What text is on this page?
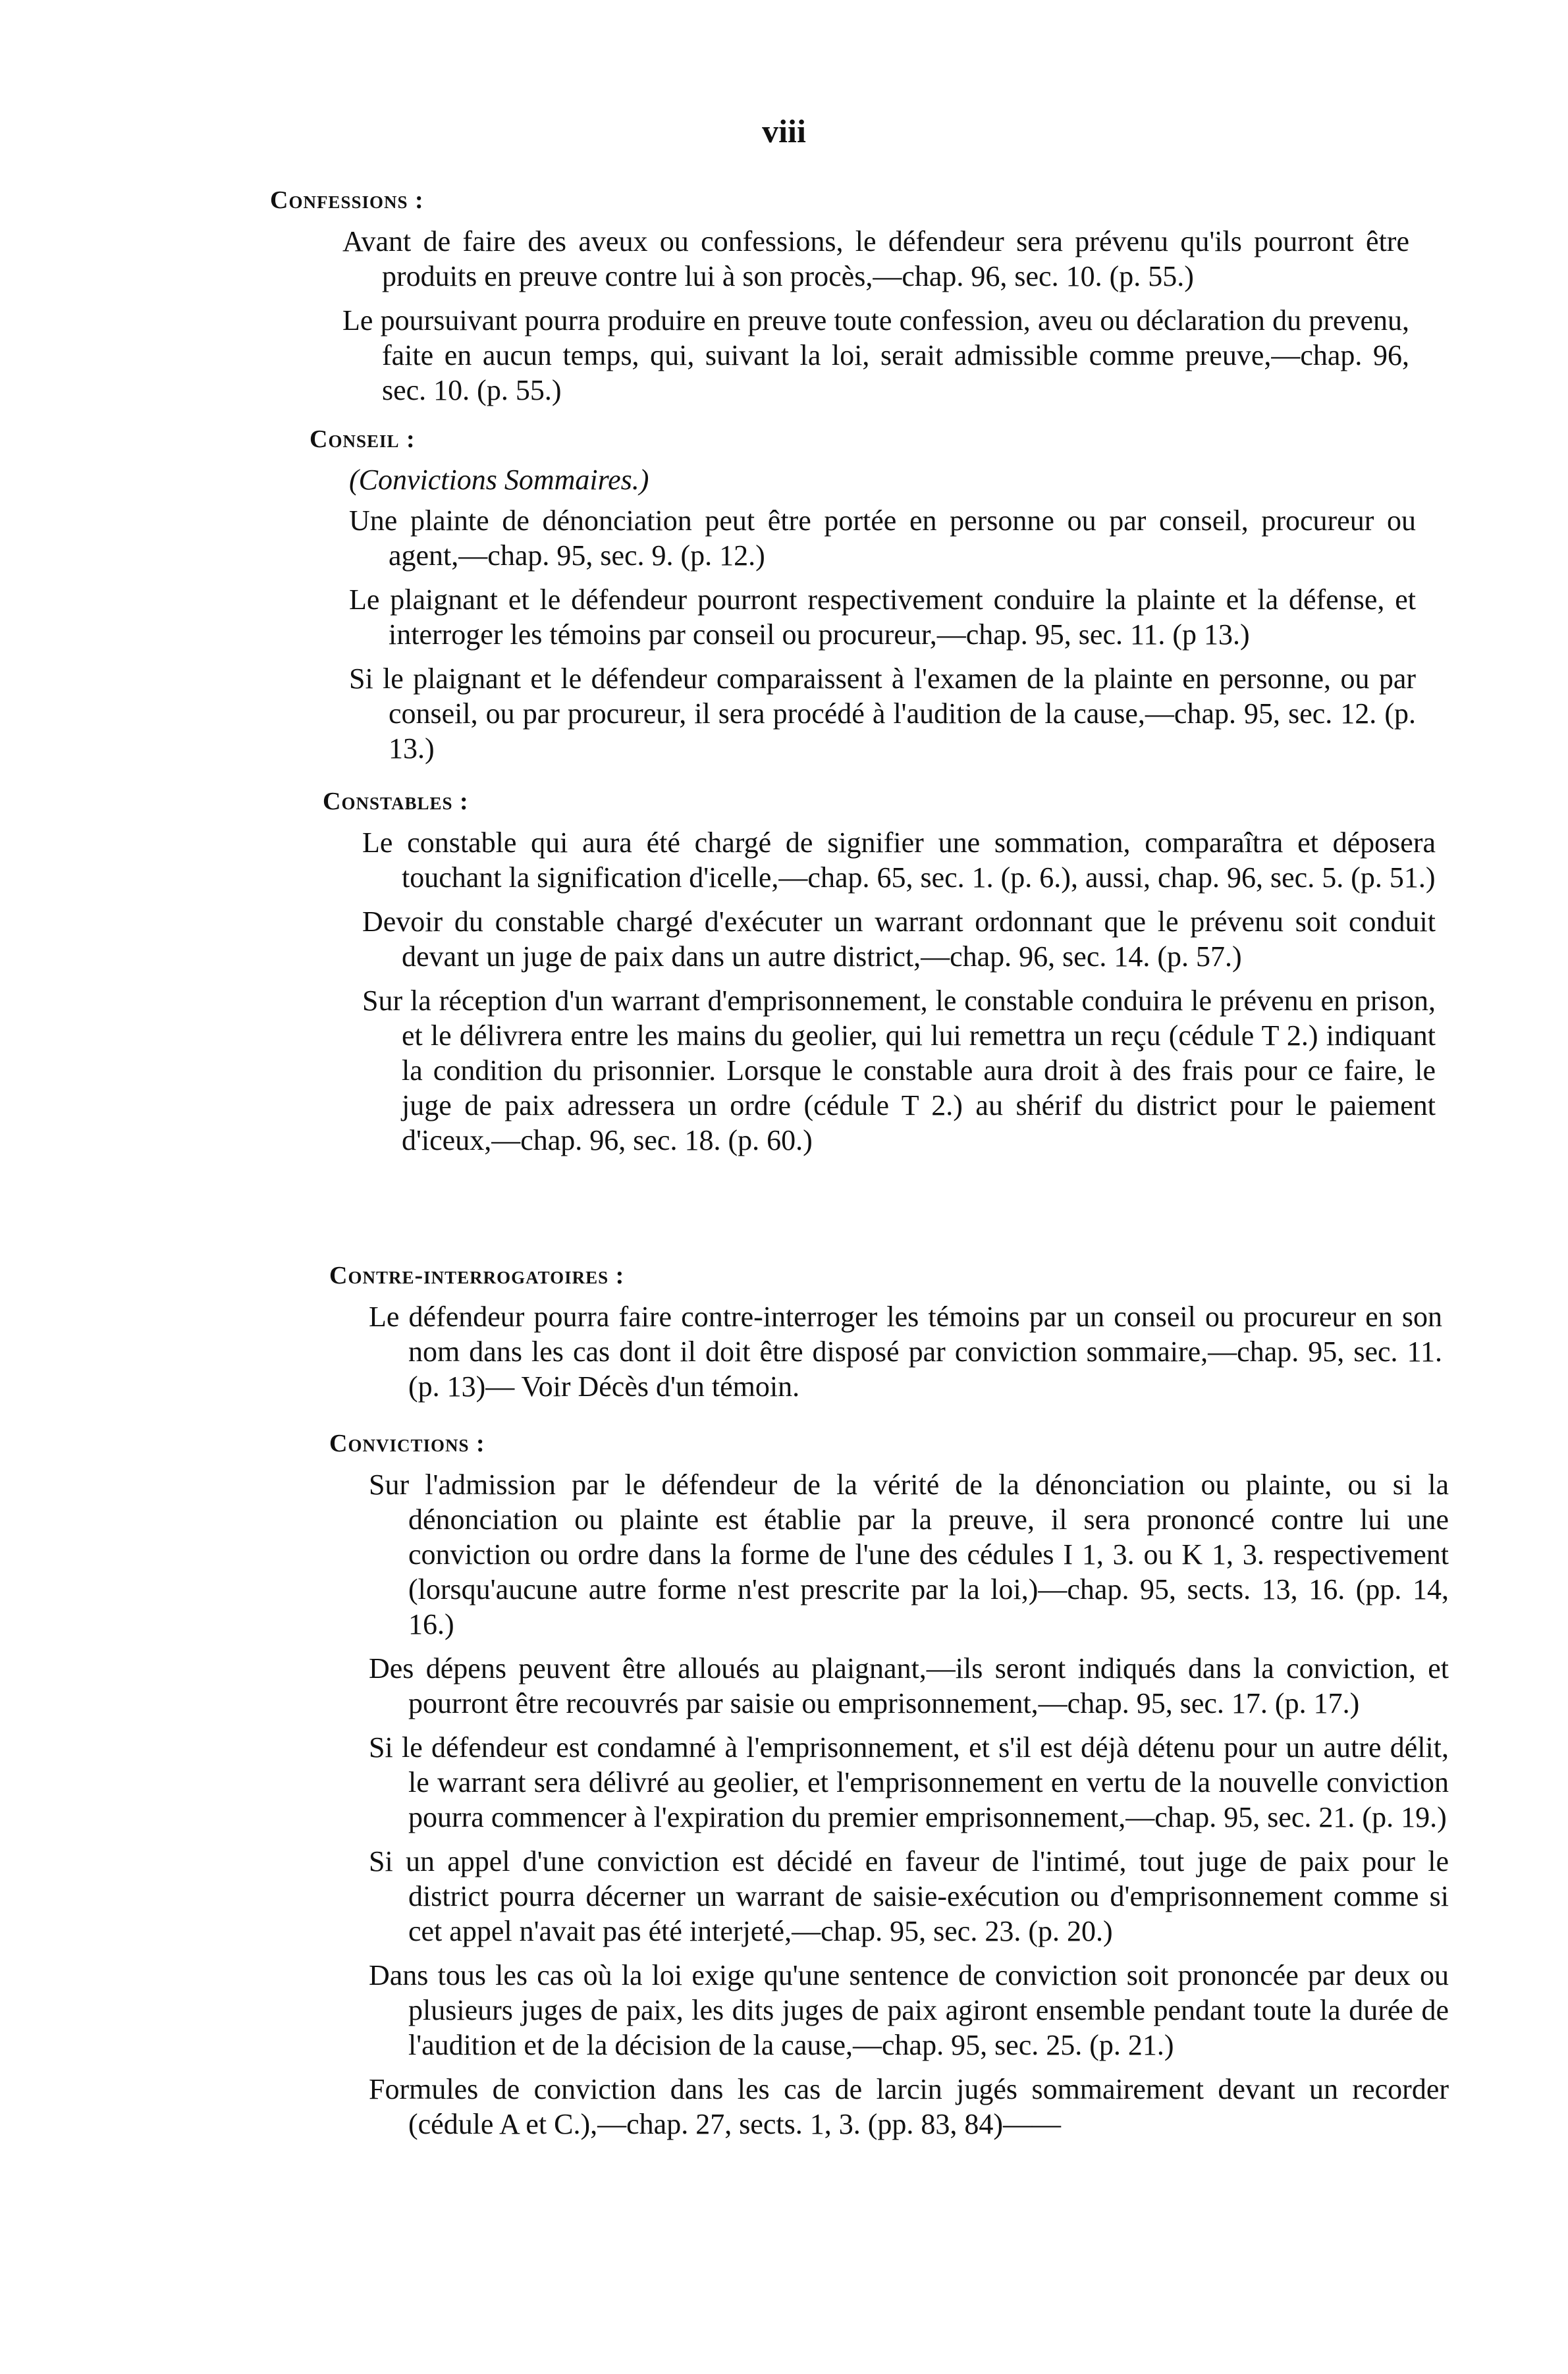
viii
Confessions :

Avant de faire des aveux ou confessions, le défendeur sera prévenu qu'ils pourront être produits en preuve contre lui à son procès,—chap. 96, sec. 10. (p. 55.)

Le poursuivant pourra produire en preuve toute confession, aveu ou déclaration du prevenu, faite en aucun temps, qui, suivant la loi, serait admissible comme preuve,—chap. 96, sec. 10. (p. 55.)

Conseil :
(Convictions Sommaires.)

Une plainte de dénonciation peut être portée en personne ou par conseil, procureur ou agent,—chap. 95, sec. 9. (p. 12.)

Le plaignant et le défendeur pourront respectivement conduire la plainte et la défense, et interroger les témoins par conseil ou procureur,—chap. 95, sec. 11. (p 13.)

Si le plaignant et le défendeur comparaissent à l'examen de la plainte en personne, ou par conseil, ou par procureur, il sera procédé à l'audition de la cause,—chap. 95, sec. 12. (p. 13.)

Constables :

Le constable qui aura été chargé de signifier une sommation, comparaîtra et déposera touchant la signification d'icelle,—chap. 65, sec. 1. (p. 6.), aussi, chap. 96, sec. 5. (p. 51.)

Devoir du constable chargé d'exécuter un warrant ordonnant que le prévenu soit conduit devant un juge de paix dans un autre district,—chap. 96, sec. 14. (p. 57.)

Sur la réception d'un warrant d'emprisonnement, le constable conduira le prévenu en prison, et le délivrera entre les mains du geolier, qui lui remettra un reçu (cédule T 2.) indiquant la condition du prisonnier. Lorsque le constable aura droit à des frais pour ce faire, le juge de paix adressera un ordre (cédule T 2.) au shérif du district pour le paiement d'iceux,—chap. 96, sec. 18. (p. 60.)

Contre-interrogatoires :

Le défendeur pourra faire contre-interroger les témoins par un conseil ou procureur en son nom dans les cas dont il doit être disposé par conviction sommaire,—chap. 95, sec. 11. (p. 13)— Voir Décès d'un témoin.

Convictions :

Sur l'admission par le défendeur de la vérité de la dénonciation ou plainte, ou si la dénonciation ou plainte est établie par la preuve, il sera prononcé contre lui une conviction ou ordre dans la forme de l'une des cédules I 1, 3. ou K 1, 3. respectivement (lorsqu'aucune autre forme n'est prescrite par la loi,)—chap. 95, sects. 13, 16. (pp. 14, 16.)

Des dépens peuvent être alloués au plaignant,—ils seront indiqués dans la conviction, et pourront être recouvrés par saisie ou emprisonnement,—chap. 95, sec. 17. (p. 17.)

Si le défendeur est condamné à l'emprisonnement, et s'il est déjà détenu pour un autre délit, le warrant sera délivré au geolier, et l'emprisonnement en vertu de la nouvelle conviction pourra commencer à l'expiration du premier emprisonnement,—chap. 95, sec. 21. (p. 19.)

Si un appel d'une conviction est décidé en faveur de l'intimé, tout juge de paix pour le district pourra décerner un warrant de saisie-exécution ou d'emprisonnement comme si cet appel n'avait pas été interjeté,—chap. 95, sec. 23. (p. 20.)

Dans tous les cas où la loi exige qu'une sentence de conviction soit prononcée par deux ou plusieurs juges de paix, les dits juges de paix agiront ensemble pendant toute la durée de l'audition et de la décision de la cause,—chap. 95, sec. 25. (p. 21.)

Formules de conviction dans les cas de larcin jugés sommairement devant un recorder (cédule A et C.),—chap. 27, sects. 1, 3. (pp. 83, 84)——
